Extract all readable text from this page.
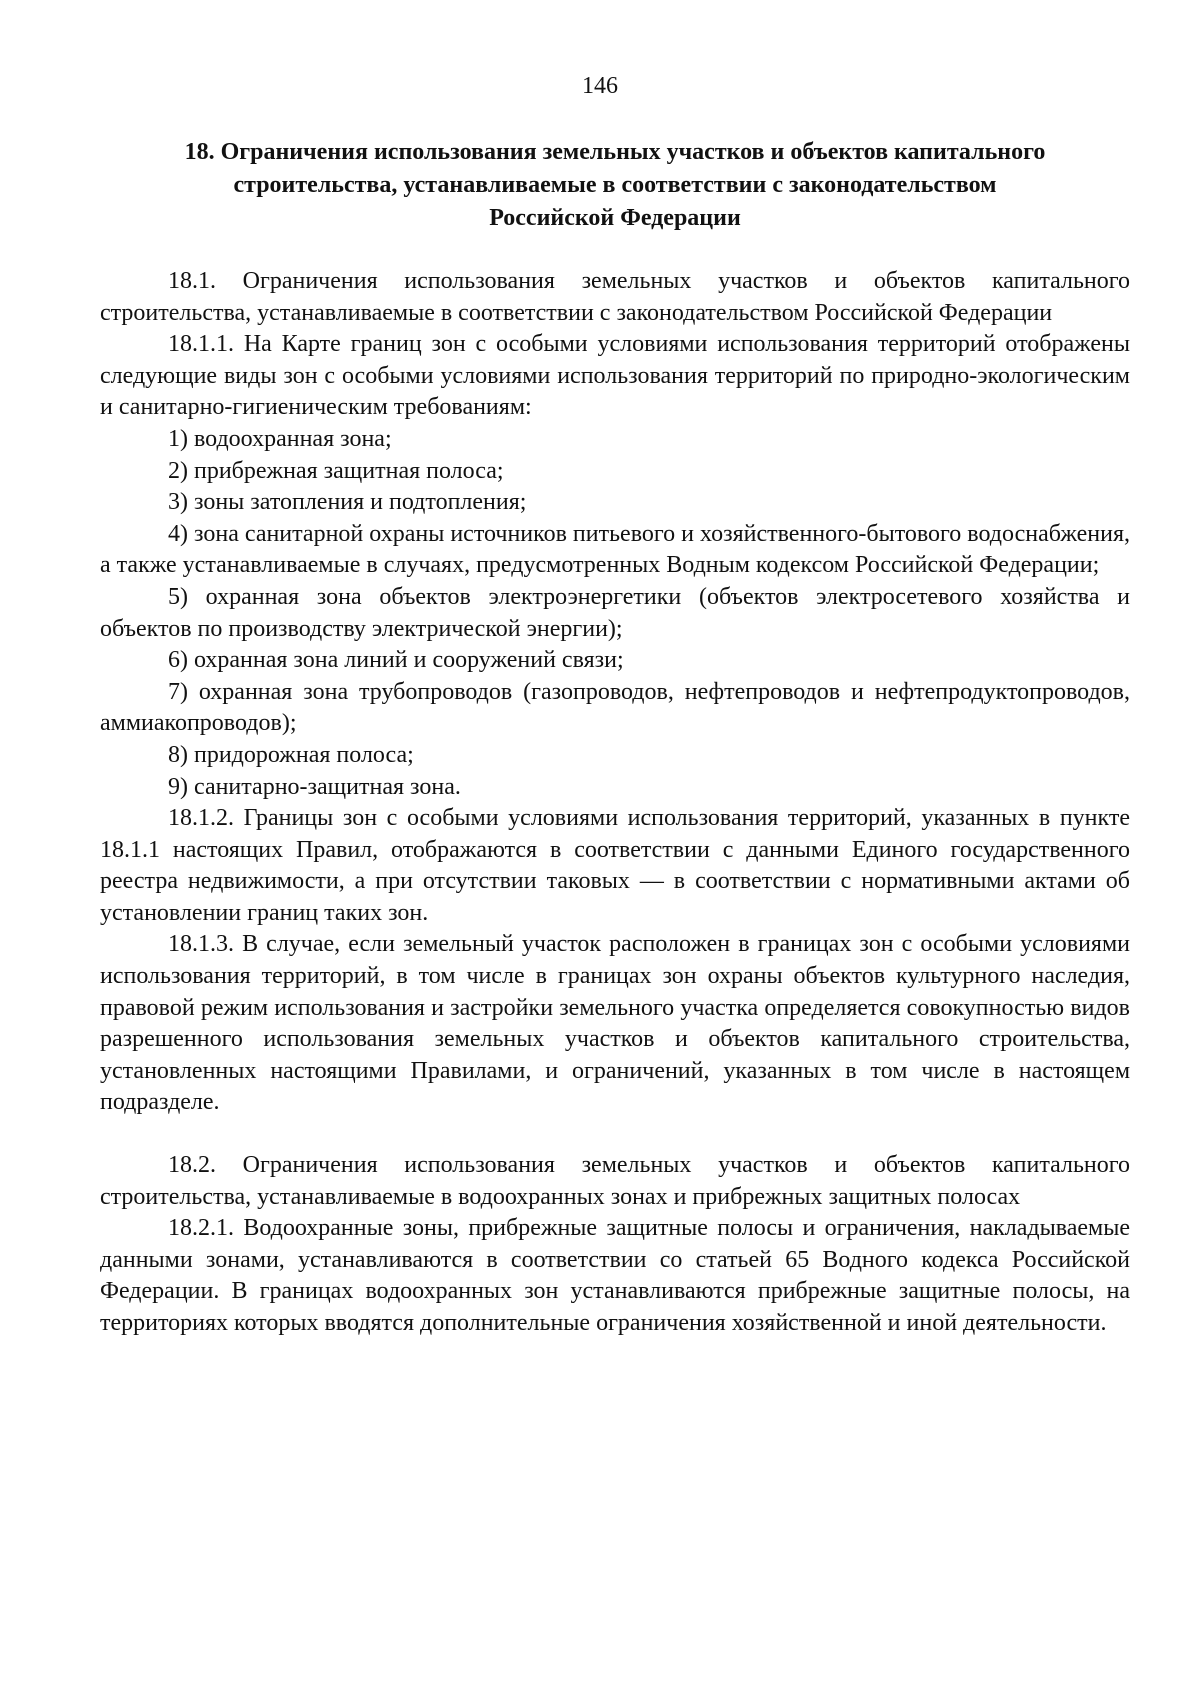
146
18. Ограничения использования земельных участков и объектов капитального
строительства, устанавливаемые в соответствии с законодательством
Российской Федерации

18.1. Ограничения использования земельных участков и объектов капитального строительства, устанавливаемые в соответствии с законодательством Российской Федерации

18.1.1. На Карте границ зон с особыми условиями использования территорий отображены следующие виды зон с особыми условиями использования территорий по природно-экологическим и санитарно-гигиеническим требованиям:

1) водоохранная зона;

2) прибрежная защитная полоса;

3) зоны затопления и подтопления;

4) зона санитарной охраны источников питьевого и хозяйственного-бытового водоснабжения, а также устанавливаемые в случаях, предусмотренных Водным кодексом Российской Федерации;

5) охранная зона объектов электроэнергетики (объектов электросетевого хозяйства и объектов по производству электрической энергии);

6) охранная зона линий и сооружений связи;

7) охранная зона трубопроводов (газопроводов, нефтепроводов и нефтепродуктопроводов, аммиакопроводов);

8) придорожная полоса;

9) санитарно-защитная зона.

18.1.2. Границы зон с особыми условиями использования территорий, указанных в пункте 18.1.1 настоящих Правил, отображаются в соответствии с данными Единого государственного реестра недвижимости, а при отсутствии таковых — в соответствии с нормативными актами об установлении границ таких зон.

18.1.3. В случае, если земельный участок расположен в границах зон с особыми условиями использования территорий, в том числе в границах зон охраны объектов культурного наследия, правовой режим использования и застройки земельного участка определяется совокупностью видов разрешенного использования земельных участков и объектов капитального строительства, установленных настоящими Правилами, и ограничений, указанных в том числе в настоящем подразделе.

18.2. Ограничения использования земельных участков и объектов капитального строительства, устанавливаемые в водоохранных зонах и прибрежных защитных полосах

18.2.1. Водоохранные зоны, прибрежные защитные полосы и ограничения, накладываемые данными зонами, устанавливаются в соответствии со статьей 65 Водного кодекса Российской Федерации. В границах водоохранных зон устанавливаются прибрежные защитные полосы, на территориях которых вводятся дополнительные ограничения хозяйственной и иной деятельности.
